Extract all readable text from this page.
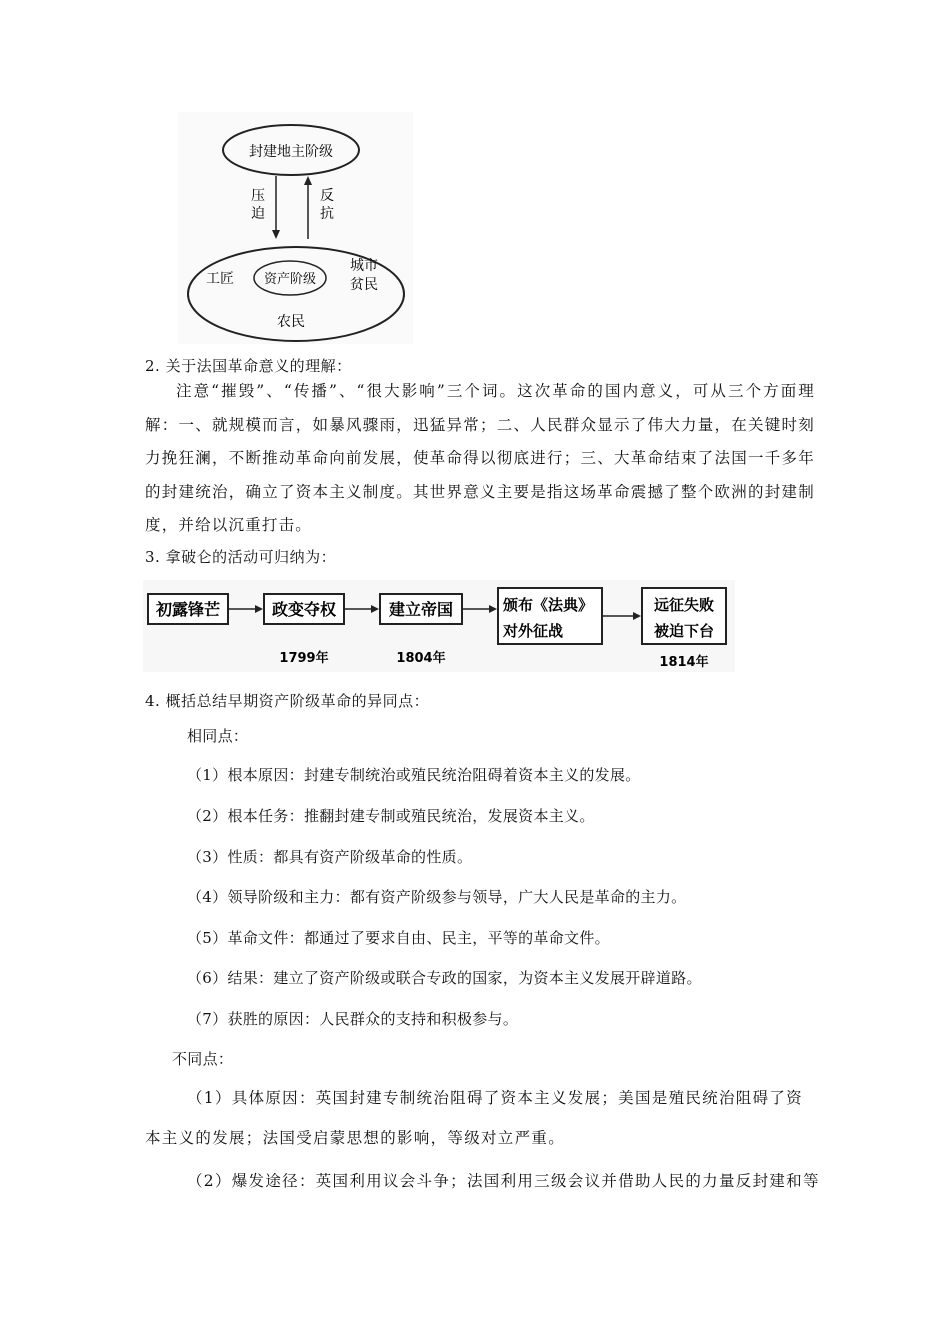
封建地主阶级
压
迫
反
抗
资产阶级
工匠
城市
贫民
农民
2. 关于法国革命意义的理解：

注意“摧毁”、“传播”、“很大影响”三个词。这次革命的国内意义，可从三个方面理解：一、就规模而言，如暴风骤雨，迅猛异常；二、人民群众显示了伟大力量，在关键时刻力挽狂澜，不断推动革命向前发展，使革命得以彻底进行；三、大革命结束了法国一千多年的封建统治，确立了资本主义制度。其世界意义主要是指这场革命震撼了整个欧洲的封建制度，并给以沉重打击。

3. 拿破仑的活动可归纳为：
初露锋芒	政变夺权
1799年
建立帝国
1804年
颁布《法典》
对外征战
远征失败
被迫下台
1814年
4. 概括总结早期资产阶级革命的异同点：
相同点：
（1）根本原因：封建专制统治或殖民统治阻碍着资本主义的发展。
（2）根本任务：推翻封建专制或殖民统治，发展资本主义。
（3）性质：都具有资产阶级革命的性质。
（4）领导阶级和主力：都有资产阶级参与领导，广大人民是革命的主力。
（5）革命文件：都通过了要求自由、民主，平等的革命文件。
（6）结果：建立了资产阶级或联合专政的国家，为资本主义发展开辟道路。
（7）获胜的原因：人民群众的支持和积极参与。
不同点：

（1）具体原因：英国封建专制统治阻碍了资本主义发展；美国是殖民统治阻碍了资本主义的发展；法国受启蒙思想的影响，等级对立严重。

（2）爆发途径：英国利用议会斗争；法国利用三级会议并借助人民的力量反封建和等
